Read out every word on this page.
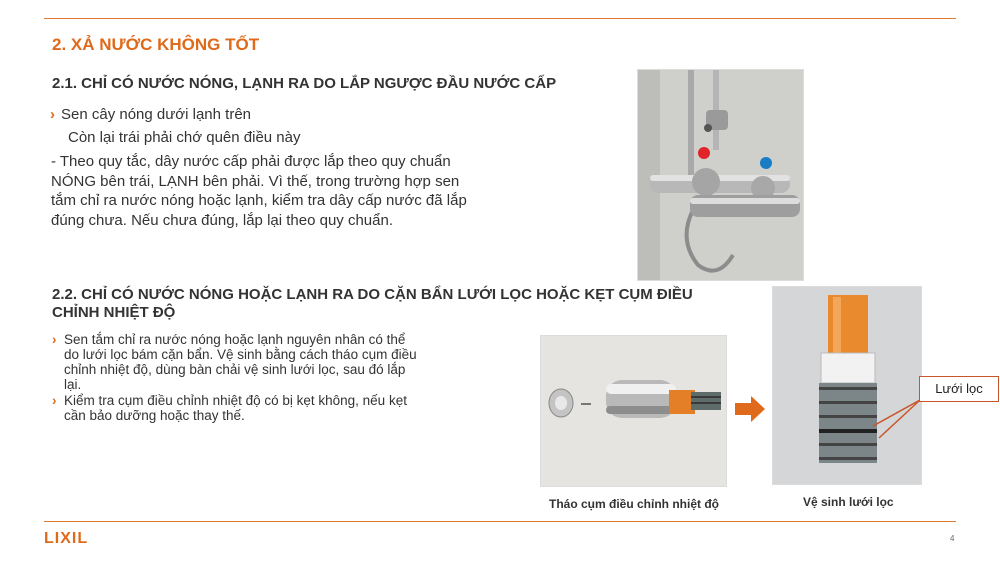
2. XẢ NƯỚC KHÔNG TỐT
2.1. CHỈ CÓ NƯỚC NÓNG, LẠNH RA DO LẮP NGƯỢC ĐẦU NƯỚC CẤP
› Sen cây nóng dưới lạnh trên
Còn lại trái phải chớ quên điều này
- Theo quy tắc, dây nước cấp phải được lắp theo quy chuẩn NÓNG bên trái, LẠNH bên phải. Vì thế, trong trường hợp sen tắm chỉ ra nước nóng hoặc lạnh, kiểm tra dây cấp nước đã lắp đúng chưa. Nếu chưa đúng, lắp lại theo quy chuẩn.
2.2. CHỈ CÓ NƯỚC NÓNG HOẶC LẠNH RA DO CẶN BẨN LƯỚI LỌC HOẶC KẸT CỤM ĐIỀU CHỈNH NHIỆT ĐỘ
› Sen tắm chỉ ra nước nóng hoặc lạnh nguyên nhân có thể do lưới lọc bám cặn bẩn. Vệ sinh bằng cách tháo cụm điều chỉnh nhiệt độ, dùng bàn chải vệ sinh lưới lọc, sau đó lắp lại.
› Kiểm tra cụm điều chỉnh nhiệt độ có bị kẹt không, nếu kẹt cần bảo dưỡng hoặc thay thế.
Lưới lọc
Tháo cụm điều chỉnh nhiệt độ	Vệ sinh lưới lọc
LIXIL	4
